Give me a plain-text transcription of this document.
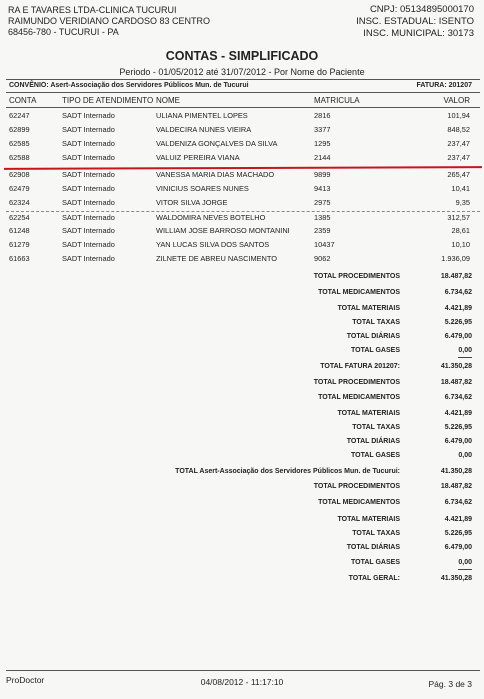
RA E TAVARES LTDA-CLINICA TUCURUI
RAIMUNDO VERIDIANO CARDOSO 83 CENTRO
68456-780 - TUCURUI - PA
CNPJ: 05134895000170
INSC. ESTADUAL: ISENTO
INSC. MUNICIPAL: 30173
CONTAS - SIMPLIFICADO
Periodo - 01/05/2012 até 31/07/2012 - Por Nome do Paciente
CONVÊNIO: Asert-Associação dos Servidores Públicos Mun. de Tucurui	FATURA: 201207
CONTA	TIPO DE ATENDIMENTO NOME	MATRICULA	VALOR
62247	SADT Internado	ULIANA PIMENTEL LOPES	2816	101,94
62899	SADT Internado	VALDECIRA NUNES VIEIRA	3377	848,52
62585	SADT Internado	VALDENIZA GONÇALVES DA SILVA	1295	237,47
62588	SADT Internado	VALUIZ PEREIRA VIANA	2144	237,47
62908	SADT Internado	VANESSA MARIA DIAS MACHADO	9899	265,47
62479	SADT Internado	VINICIUS SOARES NUNES	9413	10,41
62324	SADT Internado	VITOR SILVA JORGE	2975	9,35
62254	SADT Internado	WALDOMIRA NEVES BOTELHO	1385	312,57
61248	SADT Internado	WILLIAM JOSE BARROSO MONTANINI	2359	28,61
61279	SADT Internado	YAN LUCAS SILVA DOS SANTOS	10437	10,10
61663	SADT Internado	ZILNETE DE ABREU NASCIMENTO	9062	1.936,09
TOTAL PROCEDIMENTOS	18.487,82
TOTAL MEDICAMENTOS	6.734,62
TOTAL MATERIAIS	4.421,89
TOTAL TAXAS	5.226,95
TOTAL DIÁRIAS	6.479,00
TOTAL GASES	0,00
TOTAL FATURA 201207:	41.350,28
TOTAL PROCEDIMENTOS	18.487,82
TOTAL MEDICAMENTOS	6.734,62
TOTAL MATERIAIS	4.421,89
TOTAL TAXAS	5.226,95
TOTAL DIÁRIAS	6.479,00
TOTAL GASES	0,00
TOTAL Asert-Associação dos Servidores Públicos Mun. de Tucurui:	41.350,28
TOTAL PROCEDIMENTOS	18.487,82
TOTAL MEDICAMENTOS	6.734,62
TOTAL MATERIAIS	4.421,89
TOTAL TAXAS	5.226,95
TOTAL DIÁRIAS	6.479,00
TOTAL GASES	0,00
TOTAL GERAL:	41.350,28
ProDoctor	04/08/2012 - 11:17:10	Pág. 3 de 3
